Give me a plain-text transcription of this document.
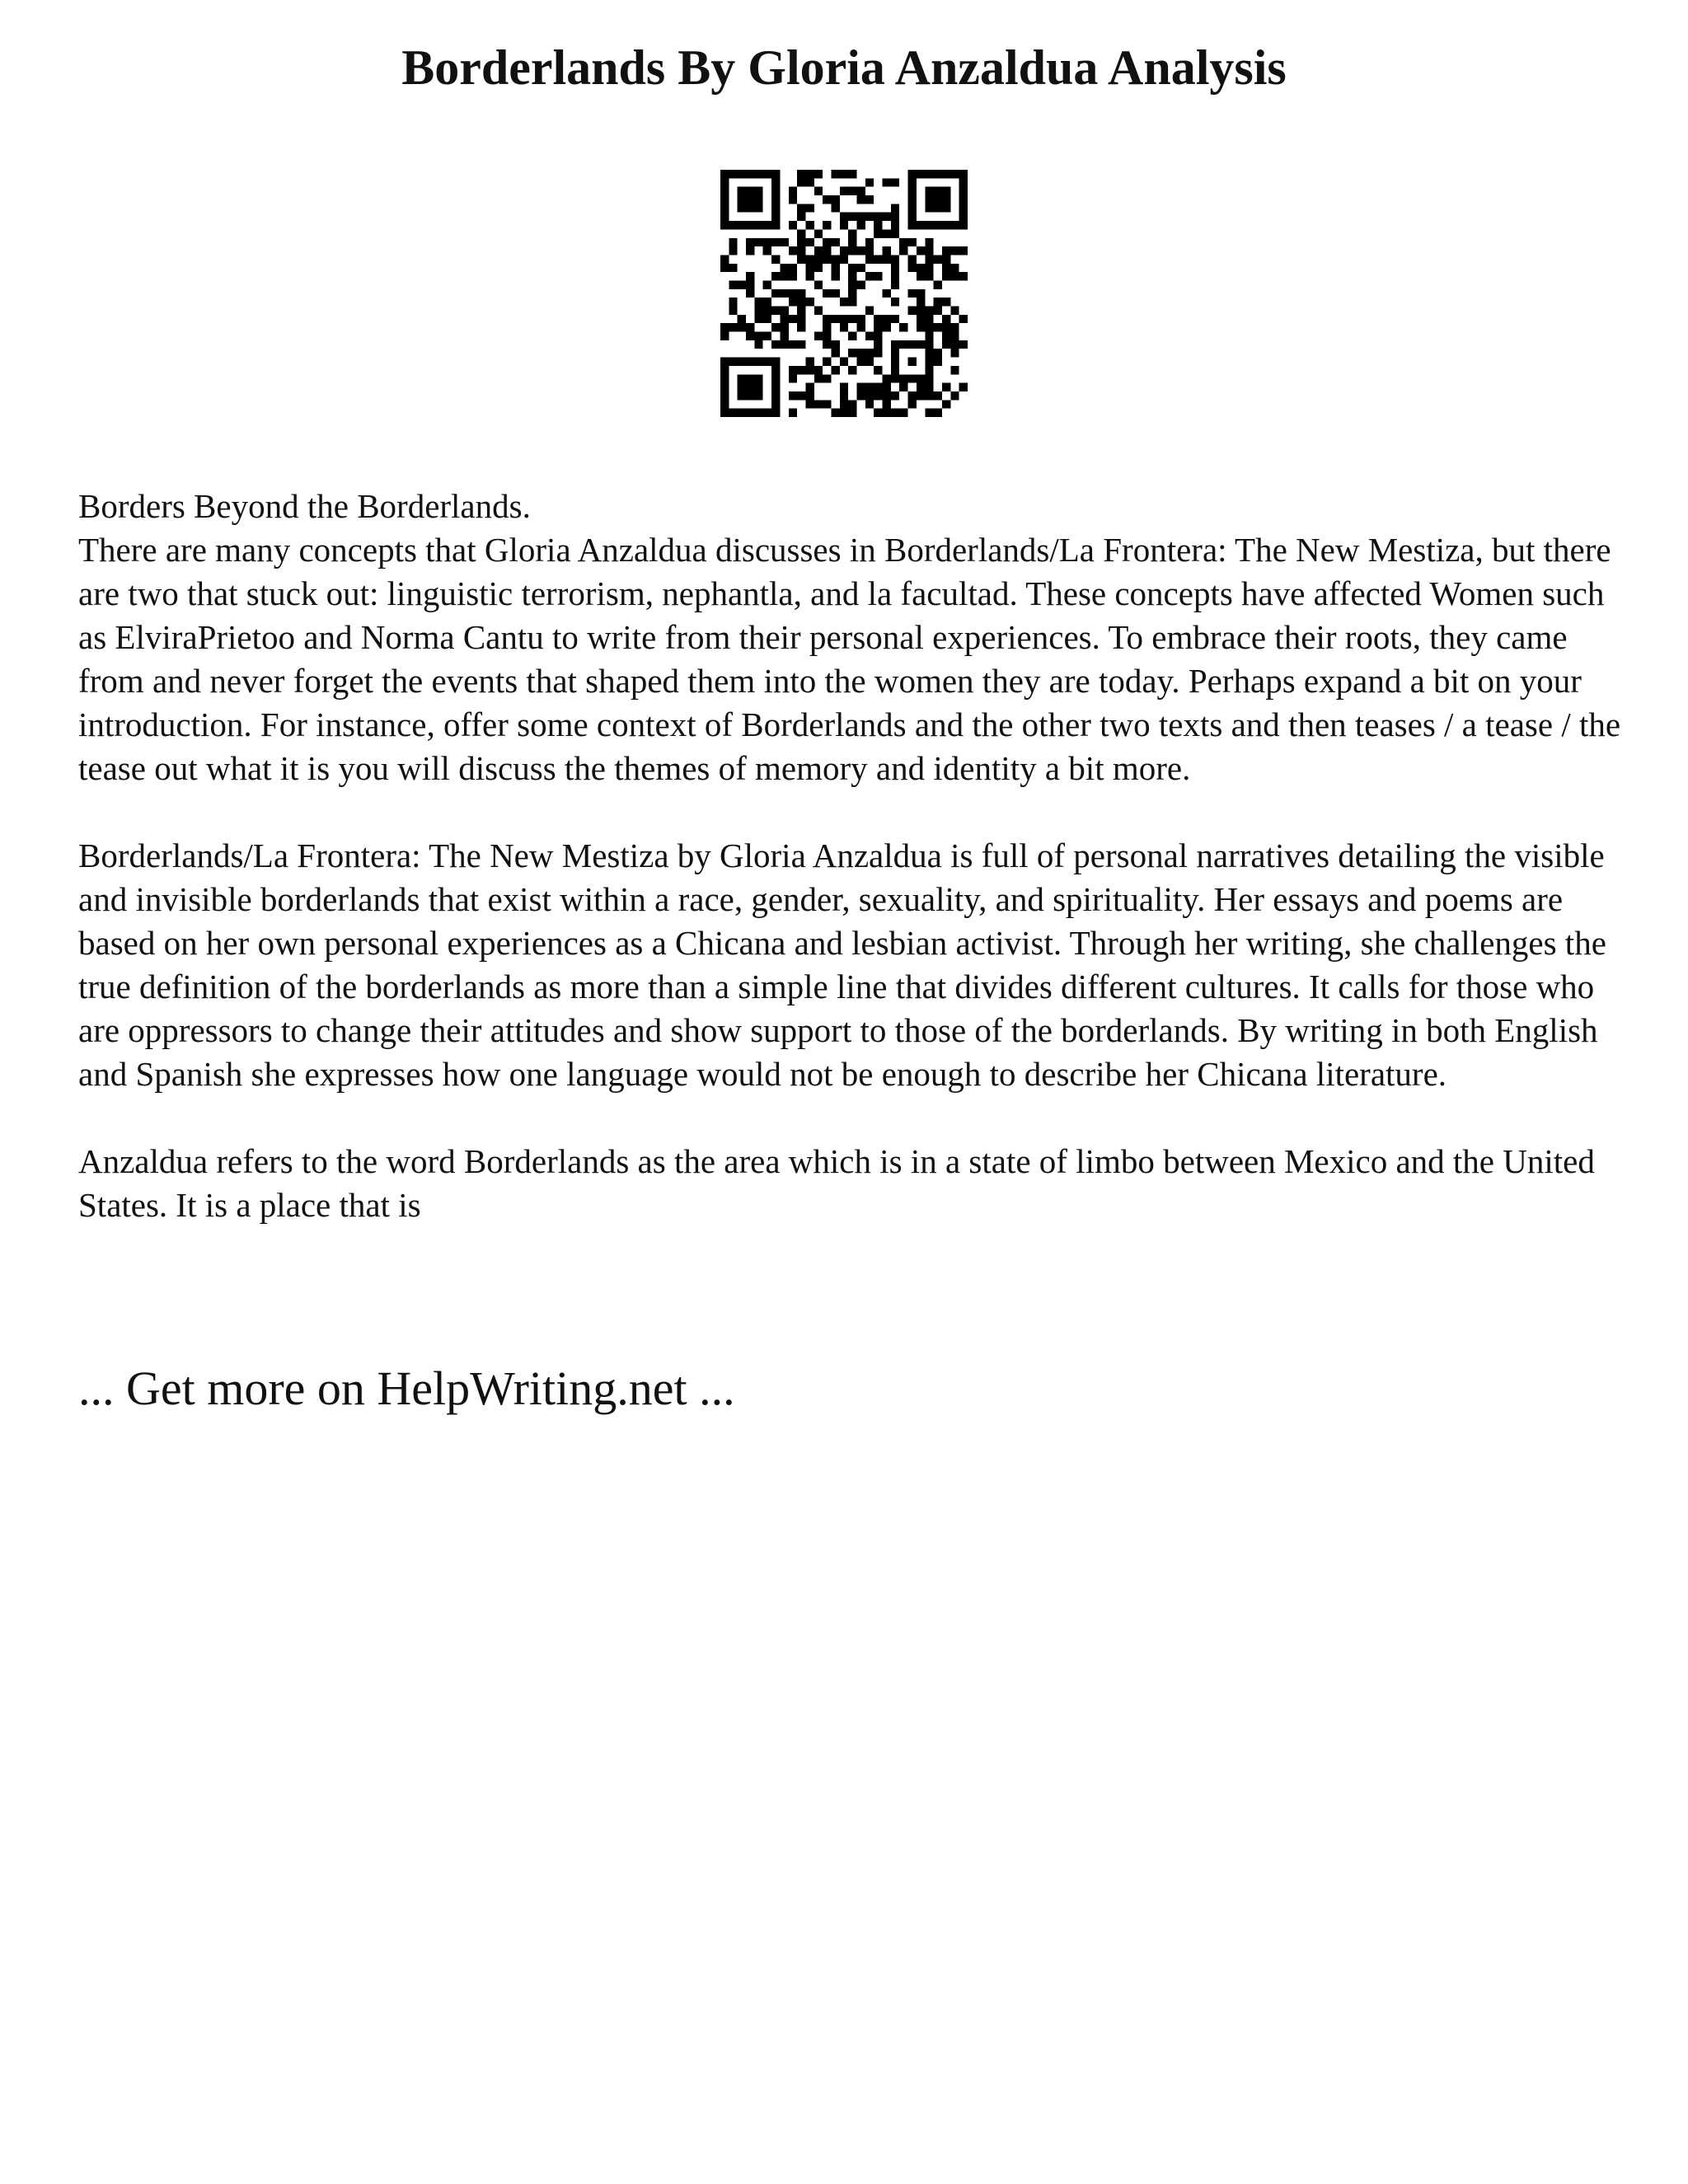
Borderlands By Gloria Anzaldua Analysis

Borders Beyond the Borderlands.
There are many concepts that Gloria Anzaldua discusses in Borderlands/La Frontera: The New Mestiza, but there are two that stuck out: linguistic terrorism, nephantla, and la facultad. These concepts have affected Women such as ElviraPrietoo and Norma Cantu to write from their personal experiences. To embrace their roots, they came from and never forget the events that shaped them into the women they are today. Perhaps expand a bit on your introduction. For instance, offer some context of Borderlands and the other two texts and then teases / a tease / the tease out what it is you will discuss the themes of memory and identity a bit more.

Borderlands/La Frontera: The New Mestiza by Gloria Anzaldua is full of personal narratives detailing the visible and invisible borderlands that exist within a race, gender, sexuality, and spirituality. Her essays and poems are based on her own personal experiences as a Chicana and lesbian activist. Through her writing, she challenges the true definition of the borderlands as more than a simple line that divides different cultures. It calls for those who are oppressors to change their attitudes and show support to those of the borderlands. By writing in both English and Spanish she expresses how one language would not be enough to describe her Chicana literature.

Anzaldua refers to the word Borderlands as the area which is in a state of limbo between Mexico and the United States. It is a place that is

... Get more on HelpWriting.net ...
